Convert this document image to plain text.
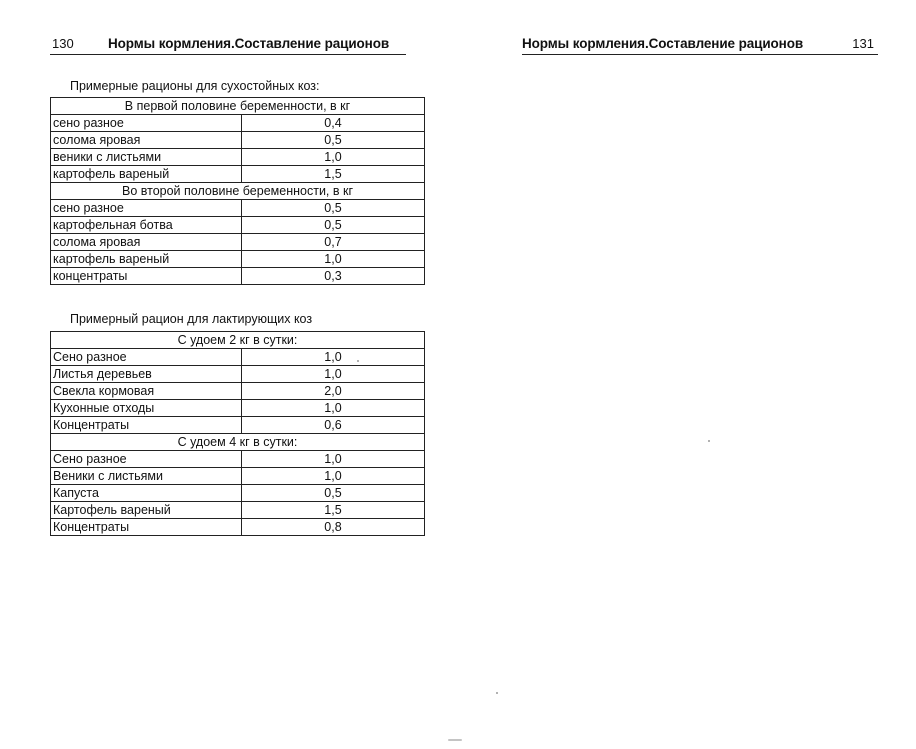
130	Нормы кормления.Составление рационов
Примерные рационы для сухостойных коз:
В первой половине беременности, в кг	
сено разное	0,4
солома яровая	0,5
веники с листьями	1,0
картофель вареный	1,5
Во второй половине беременности, в кг	
сено разное	0,5
картофельная ботва	0,5
солома яровая	0,7
картофель вареный	1,0
концентраты	0,3
Примерный рацион для лактирующих коз
С удоем 2 кг в сутки:	
Сено разное	1,0
Листья деревьев	1,0
Свекла кормовая	2,0
Кухонные отходы	1,0
Концентраты	0,6
С удоем 4 кг в сутки:	
Сено разное	1,0
Веники с листьями	1,0
Капуста	0,5
Картофель вареный	1,5
Концентраты	0,8
Нормы кормления.Составление рационов	131
